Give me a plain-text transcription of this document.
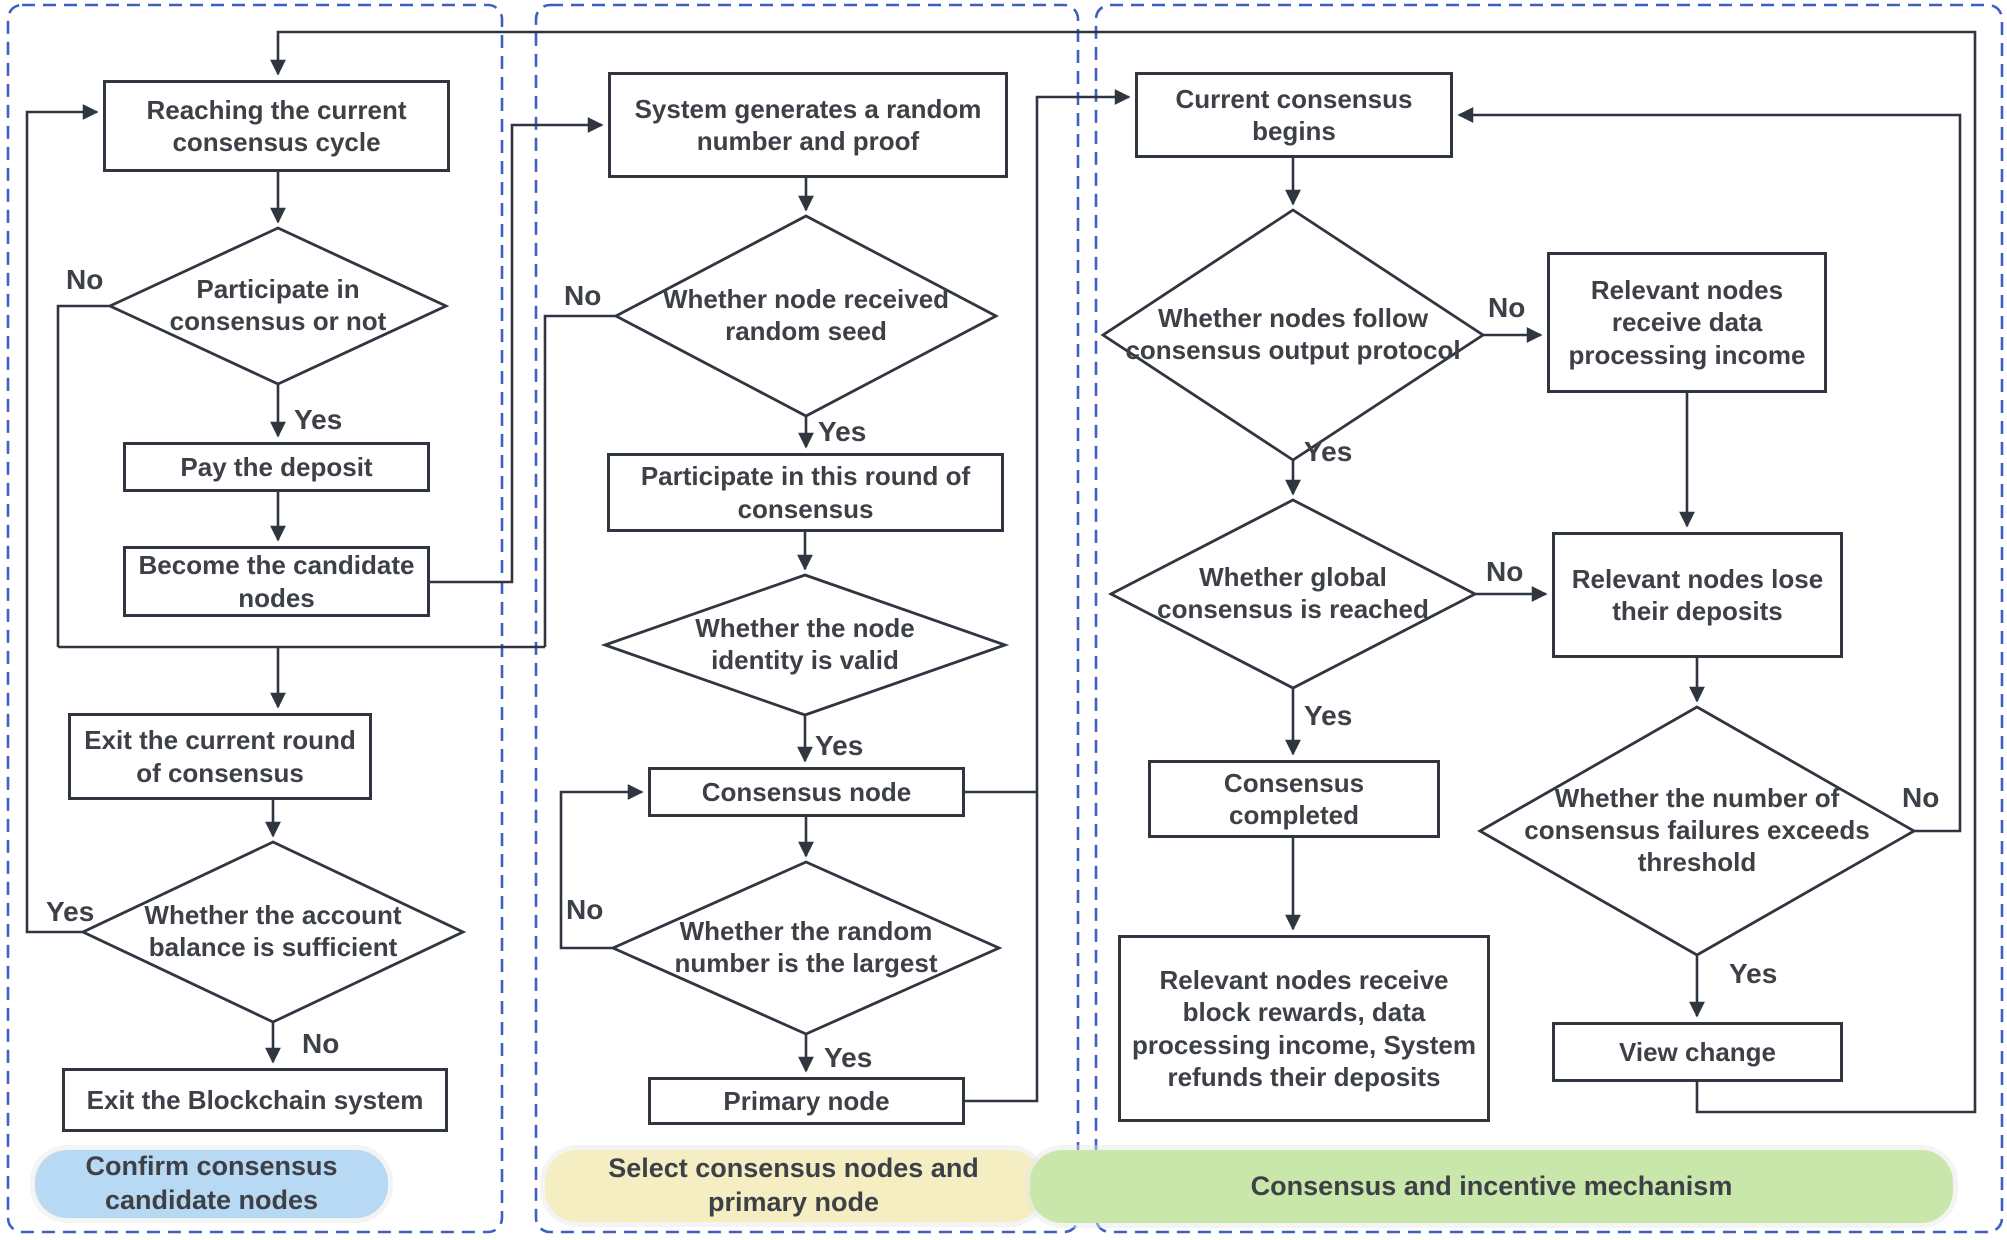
Reaching the current consensus cycle
Pay the deposit
Become the candidate nodes
Exit the current round of consensus
Exit the Blockchain system
System generates a random number and proof
Participate in this round of consensus
Consensus node
Primary node
Current consensus begins
Relevant nodes receive data processing income
Relevant nodes lose their deposits
Consensus completed
Relevant nodes receive block rewards, data processing income, System refunds their deposits
View change
Participate in consensus or not
Whether the account balance is sufficient
Whether node received random seed
Whether the node identity is valid
Whether the random number is the largest
Whether nodes follow consensus output protocol
Whether global consensus is reached
Whether the number of consensus failures exceeds threshold
No
Yes
Yes
No
No
Yes
Yes
No
Yes
No
Yes
No
Yes
No
Yes
Confirm consensus candidate nodes
Select consensus nodes and primary node
Consensus and incentive mechanism
